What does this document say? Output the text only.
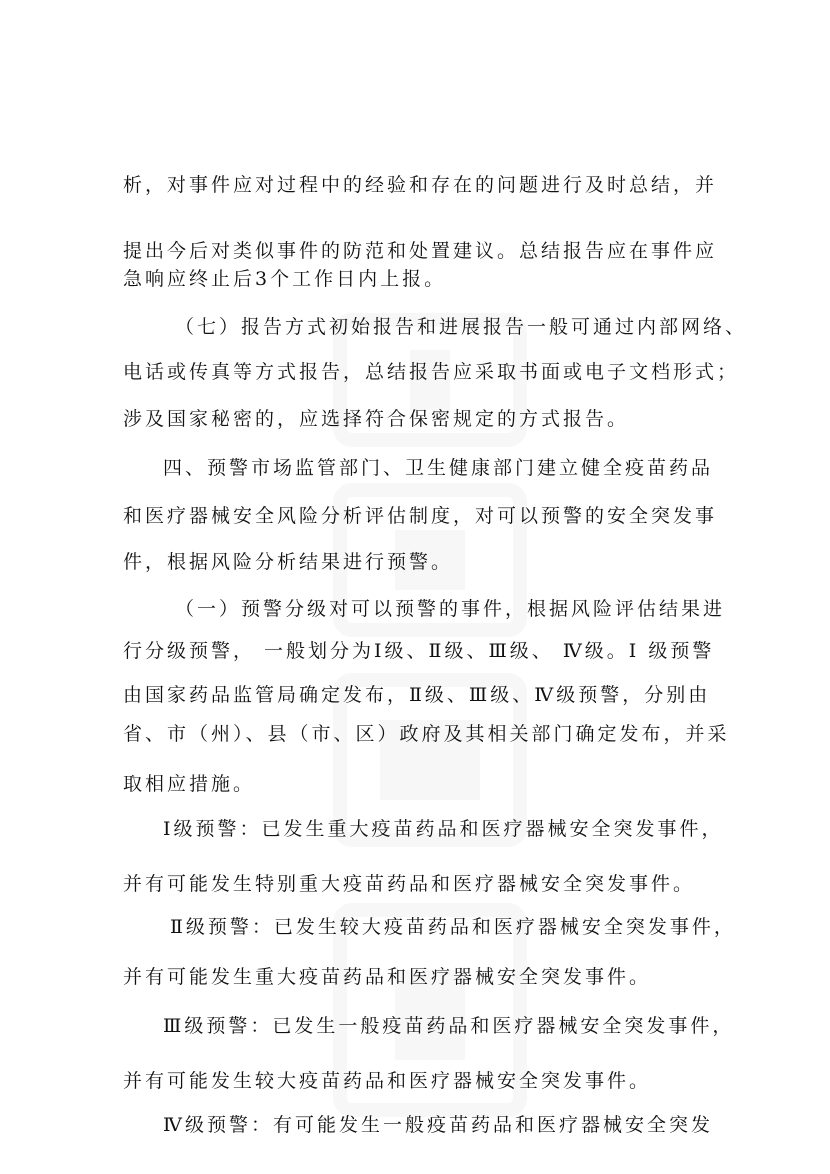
析，对事件应对过程中的经验和存在的问题进行及时总结，并
提出今后对类似事件的防范和处置建议。总结报告应在事件应
急响应终止后3个工作日内上报。
（七）报告方式初始报告和进展报告一般可通过内部网络、
电话或传真等方式报告，总结报告应采取书面或电子文档形式；
涉及国家秘密的，应选择符合保密规定的方式报告。
四、预警市场监管部门、卫生健康部门建立健全疫苗药品
和医疗器械安全风险分析评估制度，对可以预警的安全突发事
件，根据风险分析结果进行预警。
（一）预警分级对可以预警的事件，根据风险评估结果进
行分级预警， 一般划分为Ⅰ级、Ⅱ级、Ⅲ级、 Ⅳ级。Ⅰ 级预警
由国家药品监管局确定发布，Ⅱ级、Ⅲ级、Ⅳ级预警，分别由
省、市（州）、县（市、区）政府及其相关部门确定发布，并采
取相应措施。
Ⅰ级预警：已发生重大疫苗药品和医疗器械安全突发事件，
并有可能发生特别重大疫苗药品和医疗器械安全突发事件。
Ⅱ级预警：已发生较大疫苗药品和医疗器械安全突发事件，
并有可能发生重大疫苗药品和医疗器械安全突发事件。
Ⅲ级预警：已发生一般疫苗药品和医疗器械安全突发事件，
并有可能发生较大疫苗药品和医疗器械安全突发事件。
Ⅳ级预警：有可能发生一般疫苗药品和医疗器械安全突发
